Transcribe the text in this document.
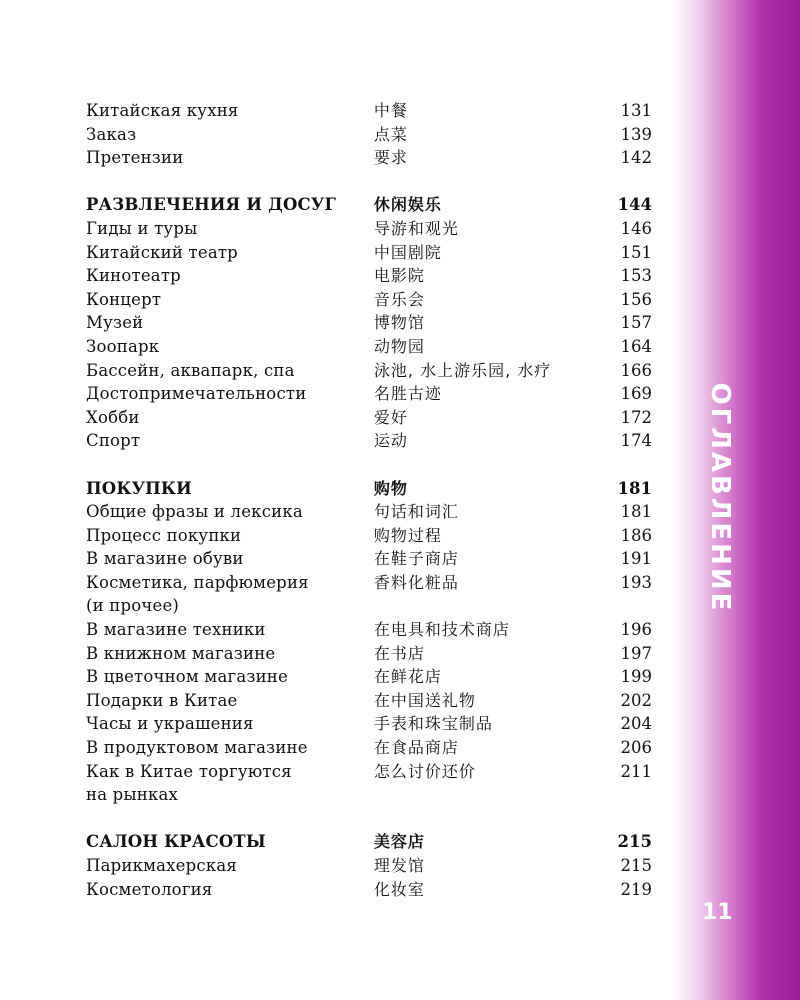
Китайская кухня	中餐	131
Заказ	点菜	139
Претензии	要求	142
РАЗВЛЕЧЕНИЯ И ДОСУГ	休闲娱乐	144
Гиды и туры	导游和观光	146
Китайский театр	中国剧院	151
Кинотеатр	电影院	153
Концерт	音乐会	156
Музей	博物馆	157
Зоопарк	动物园	164
Бассейн, аквапарк, спа	泳池, 水上游乐园, 水疗	166
Достопримечательности	名胜古迹	169
Хобби	爱好	172
Спорт	运动	174
ПОКУПКИ	购物	181
Общие фразы и лексика	句话和词汇	181
Процесс покупки	购物过程	186
В магазине обуви	在鞋子商店	191
Косметика, парфюмерия	香料化粧品	193
(и прочее)
В магазине техники	在电具和技术商店	196
В книжном магазине	在书店	197
В цветочном магазине	在鲜花店	199
Подарки в Китае	在中国送礼物	202
Часы и украшения	手表和珠宝制品	204
В продуктовом магазине	在食品商店	206
Как в Китае торгуются	怎么讨价还价	211
на рынках
САЛОН КРАСОТЫ	美容店	215
Парикмахерская	理发馆	215
Косметология	化妆室	219
ОГЛАВЛЕНИЕ
11
